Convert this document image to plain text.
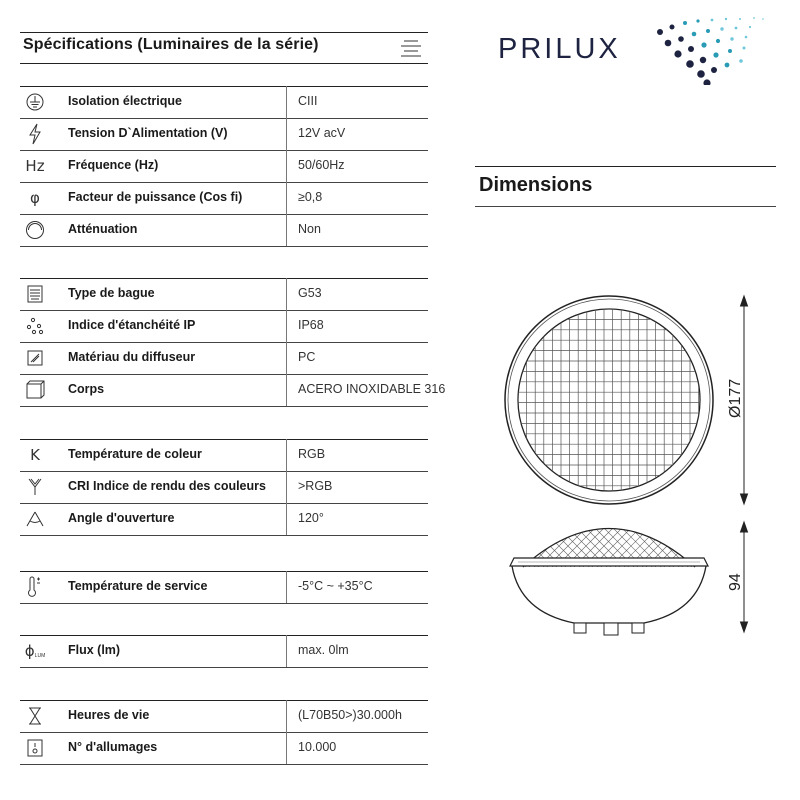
Spécifications (Luminaires de la série)
Isolation électrique	CIII
Tension D`Alimentation (V)	12V acV
Hz Fréquence (Hz)	50/60Hz
φ Facteur de puissance (Cos fi)	≥0,8
Atténuation	Non
Type de bague	G53
Indice d'étanchéité IP	IP68
Matériau du diffuseur	PC
Corps	ACERO INOXIDABLE 316
K Température de coleur	RGB
CRI Indice de rendu des couleurs	>RGB
Angle d'ouverture	120°
Température de service	-5°C ~ +35°C
ϕ LUM Flux (lm)	max. 0lm
Heures de vie	(L70B50>)30.000h
N° d'allumages	10.000
PRILUX
Dimensions
Ø177
94
